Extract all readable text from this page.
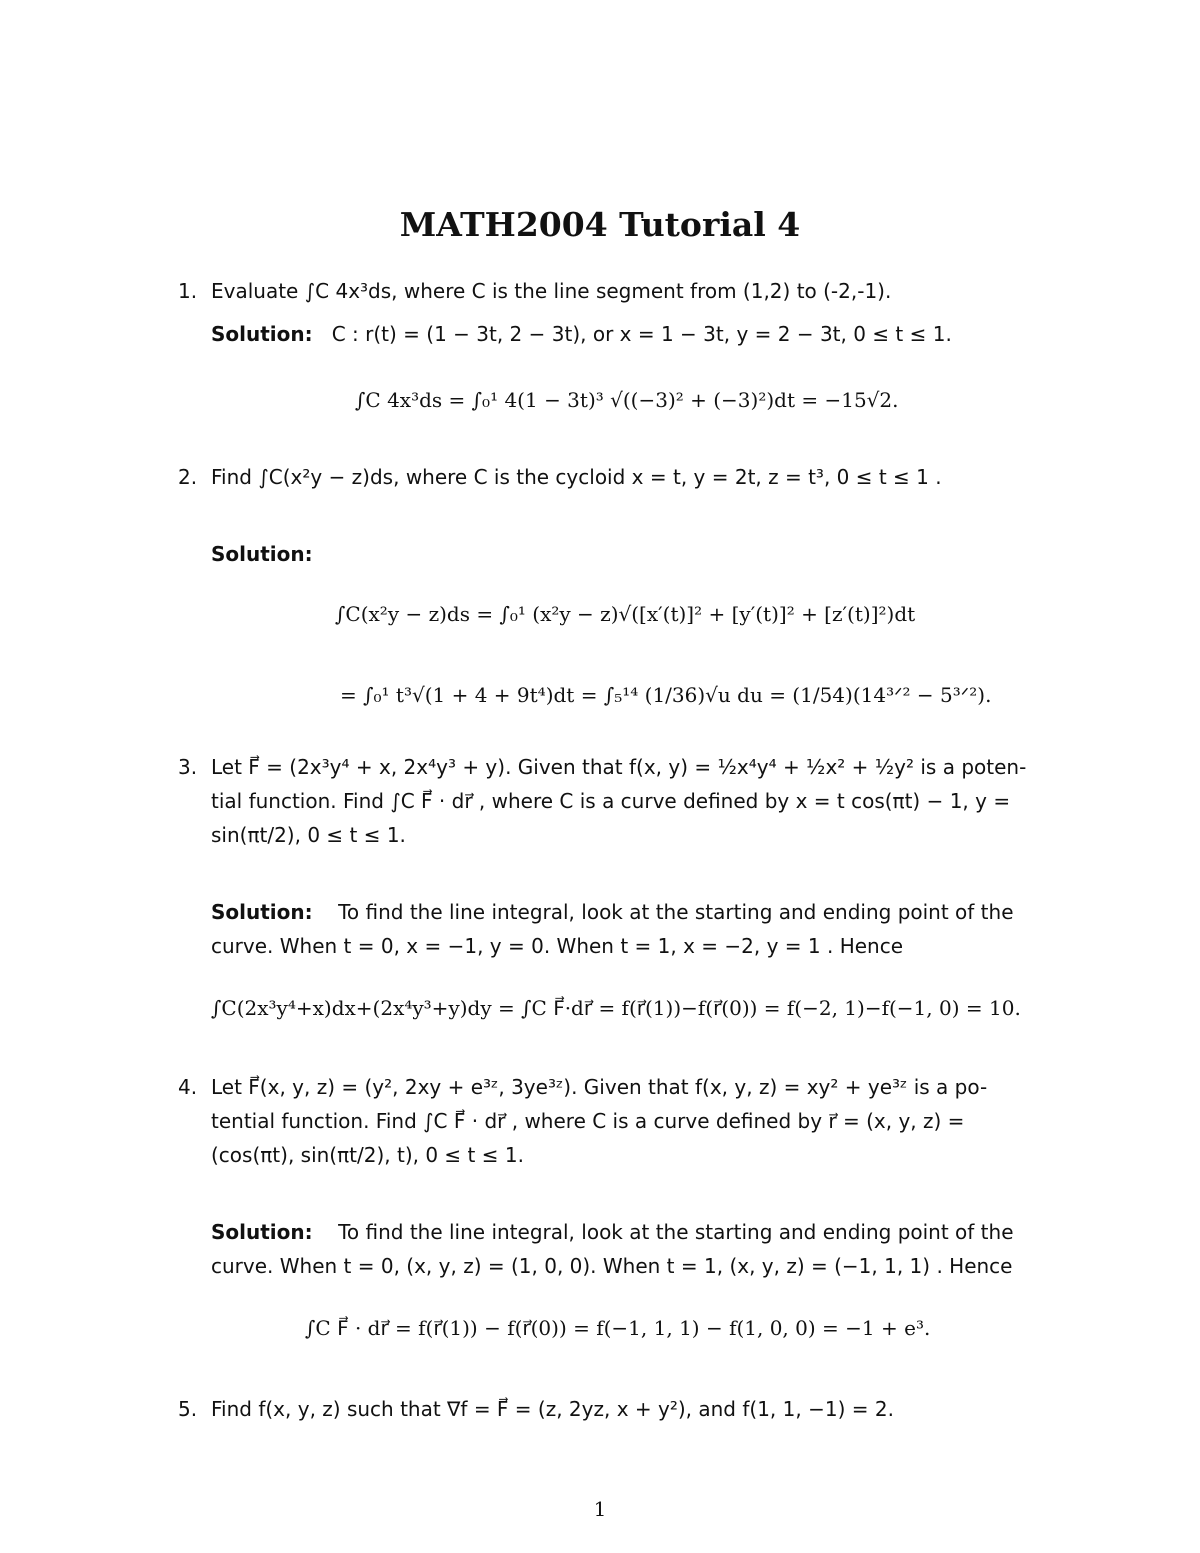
MATH2004 Tutorial 4
1. Evaluate ∫C 4x³ds, where C is the line segment from (1,2) to (-2,-1).
Solution: C : r(t) = (1 − 3t, 2 − 3t), or x = 1 − 3t, y = 2 − 3t, 0 ≤ t ≤ 1.
∫C 4x³ds = ∫₀¹ 4(1 − 3t)³ √((−3)² + (−3)²)dt = −15√2.
2. Find ∫C(x²y − z)ds, where C is the cycloid x = t, y = 2t, z = t³, 0 ≤ t ≤ 1 .
Solution:
∫C(x²y − z)ds = ∫₀¹ (x²y − z)√([x′(t)]² + [y′(t)]² + [z′(t)]²)dt
= ∫₀¹ t³√(1 + 4 + 9t⁴)dt = ∫₅¹⁴ (1/36)√u du = (1/54)(14³ᐟ² − 5³ᐟ²).
3. Let F⃗ = (2x³y⁴ + x, 2x⁴y³ + y). Given that f(x, y) = ½x⁴y⁴ + ½x² + ½y² is a poten-
tial function. Find ∫C F⃗ · dr⃗ , where C is a curve defined by x = t cos(πt) − 1, y =
sin(πt/2), 0 ≤ t ≤ 1.
Solution: To find the line integral, look at the starting and ending point of the
curve. When t = 0, x = −1, y = 0. When t = 1, x = −2, y = 1 . Hence
∫C(2x³y⁴+x)dx+(2x⁴y³+y)dy = ∫C F⃗·dr⃗ = f(r⃗(1))−f(r⃗(0)) = f(−2, 1)−f(−1, 0) = 10.
4. Let F⃗(x, y, z) = (y², 2xy + e³ᶻ, 3ye³ᶻ). Given that f(x, y, z) = xy² + ye³ᶻ is a po-
tential function. Find ∫C F⃗ · dr⃗ , where C is a curve defined by r⃗ = (x, y, z) =
(cos(πt), sin(πt/2), t), 0 ≤ t ≤ 1.
Solution: To find the line integral, look at the starting and ending point of the
curve. When t = 0, (x, y, z) = (1, 0, 0). When t = 1, (x, y, z) = (−1, 1, 1) . Hence
∫C F⃗ · dr⃗ = f(r⃗(1)) − f(r⃗(0)) = f(−1, 1, 1) − f(1, 0, 0) = −1 + e³.
5. Find f(x, y, z) such that ∇f = F⃗ = (z, 2yz, x + y²), and f(1, 1, −1) = 2.
1
